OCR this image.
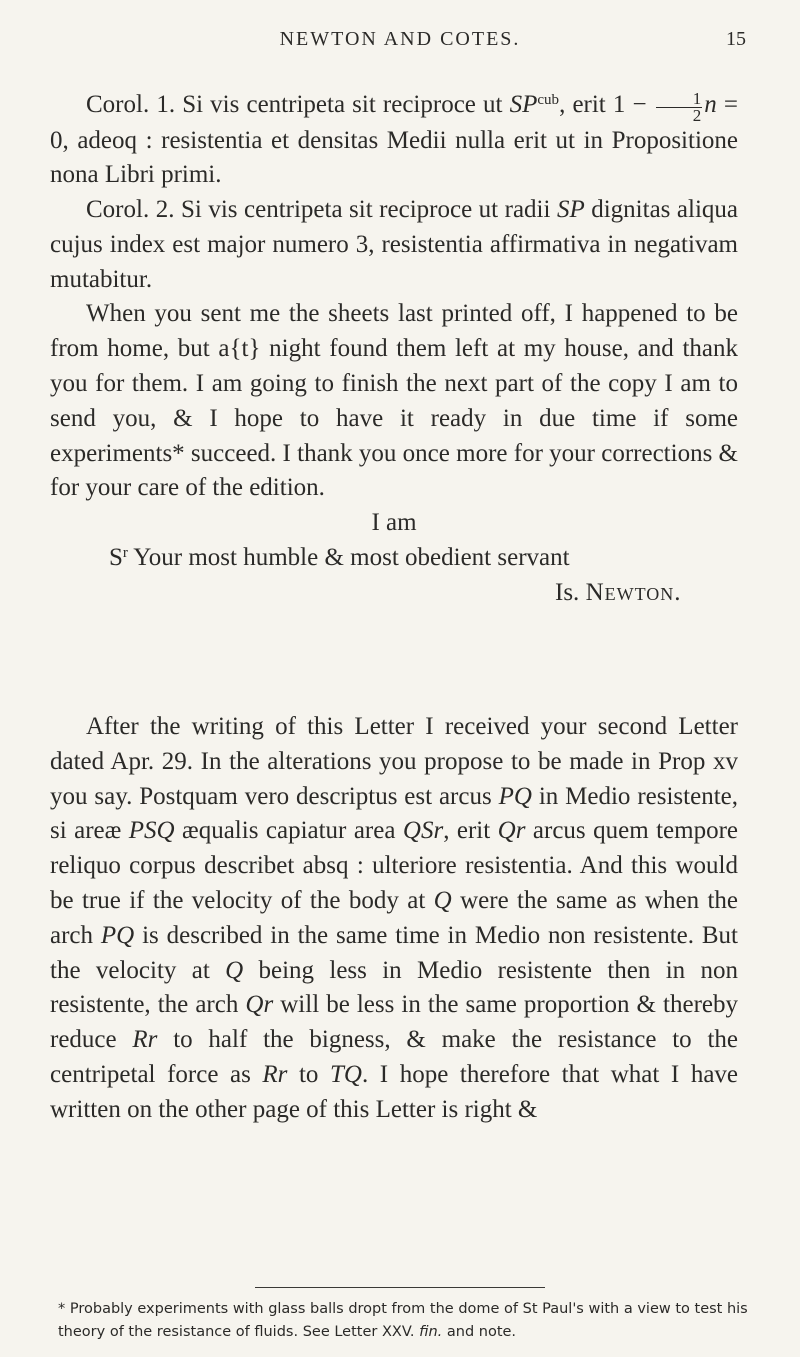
NEWTON AND COTES.	15

Corol. 1. Si vis centripeta sit reciproce ut $SP^{cub}$, erit $1 - \frac{1}{2}$ n = 0, adeoq : resistentia et densitas Medii nulla erit ut in Propositione nona Libri primi.

Corol. 2. Si vis centripeta sit reciproce ut radii SP dignitas aliqua cujus index est major numero 3, resistentia affirmativa in negativam mutabitur.

When you sent me the sheets last printed off, I happened to be from home, but a{t} night found them left at my house, and thank you for them. I am going to finish the next part of the copy I am to send you, & I hope to have it ready in due time if some experiments* succeed. I thank you once more for your corrections & for your care of the edition.

I am

$S^r$ Your most humble & most obedient servant

Is. Newton.

After the writing of this Letter I received your second Letter dated Apr. 29. In the alterations you propose to be made in Prop xv you say. Postquam vero descriptus est arcus PQ in Medio resistente, si areæ PSQ æqualis capiatur area QSr, erit Qr arcus quem tempore reliquo corpus describet absq : ulteriore resistentia. And this would be true if the velocity of the body at Q were the same as when the arch PQ is described in the same time in Medio non resistente. But the velocity at Q being less in Medio resistente then in non resistente, the arch Qr will be less in the same proportion & thereby reduce Rr to half the bigness, & make the resistance to the centripetal force as Rr to TQ. I hope therefore that what I have written on the other page of this Letter is right &

* Probably experiments with glass balls dropt from the dome of St Paul's with a view to test his theory of the resistance of fluids. See Letter XXV. fin. and note.
